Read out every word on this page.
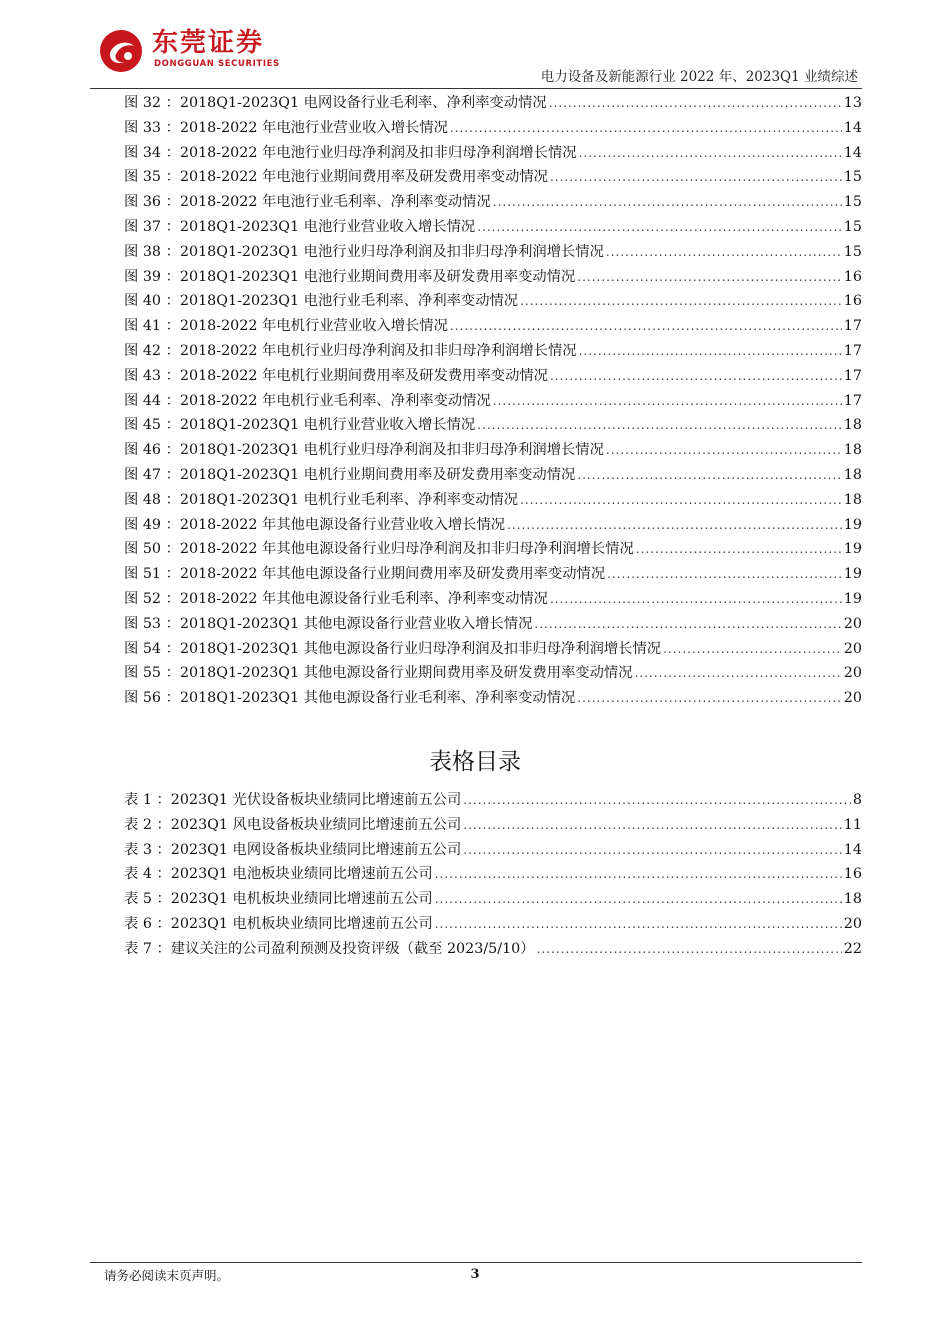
东莞证券
DONGGUAN SECURITIES
电力设备及新能源行业 2022 年、2023Q1 业绩综述
图 32 ：2018Q1-2023Q1 电网设备行业毛利率、净利率变动情况 .....	13
图 33 ：2018-2022 年电池行业营业收入增长情况 .....	14
图 34 ：2018-2022 年电池行业归母净利润及扣非归母净利润增长情况 .....	14
图 35 ：2018-2022 年电池行业期间费用率及研发费用率变动情况 .....	15
图 36 ：2018-2022 年电池行业毛利率、净利率变动情况 .....	15
图 37 ：2018Q1-2023Q1 电池行业营业收入增长情况 .....	15
图 38 ：2018Q1-2023Q1 电池行业归母净利润及扣非归母净利润增长情况 .....	15
图 39 ：2018Q1-2023Q1 电池行业期间费用率及研发费用率变动情况 .....	16
图 40 ：2018Q1-2023Q1 电池行业毛利率、净利率变动情况 .....	16
图 41 ：2018-2022 年电机行业营业收入增长情况 .....	17
图 42 ：2018-2022 年电机行业归母净利润及扣非归母净利润增长情况 .....	17
图 43 ：2018-2022 年电机行业期间费用率及研发费用率变动情况 .....	17
图 44 ：2018-2022 年电机行业毛利率、净利率变动情况 .....	17
图 45 ：2018Q1-2023Q1 电机行业营业收入增长情况 .....	18
图 46 ：2018Q1-2023Q1 电机行业归母净利润及扣非归母净利润增长情况 .....	18
图 47 ：2018Q1-2023Q1 电机行业期间费用率及研发费用率变动情况 .....	18
图 48 ：2018Q1-2023Q1 电机行业毛利率、净利率变动情况 .....	18
图 49 ：2018-2022 年其他电源设备行业营业收入增长情况 .....	19
图 50 ：2018-2022 年其他电源设备行业归母净利润及扣非归母净利润增长情况 .....	19
图 51 ：2018-2022 年其他电源设备行业期间费用率及研发费用率变动情况 .....	19
图 52 ：2018-2022 年其他电源设备行业毛利率、净利率变动情况 .....	19
图 53 ：2018Q1-2023Q1 其他电源设备行业营业收入增长情况 .....	20
图 54 ：2018Q1-2023Q1 其他电源设备行业归母净利润及扣非归母净利润增长情况 .....	20
图 55 ：2018Q1-2023Q1 其他电源设备行业期间费用率及研发费用率变动情况 .....	20
图 56 ：2018Q1-2023Q1 其他电源设备行业毛利率、净利率变动情况 .....	20
表格目录
表 1 ：2023Q1 光伏设备板块业绩同比增速前五公司 .....	8
表 2 ：2023Q1 风电设备板块业绩同比增速前五公司 .....	11
表 3 ：2023Q1 电网设备板块业绩同比增速前五公司 .....	14
表 4 ：2023Q1 电池板块业绩同比增速前五公司 .....	16
表 5 ：2023Q1 电机板块业绩同比增速前五公司 .....	18
表 6 ：2023Q1 电机板块业绩同比增速前五公司 .....	20
表 7 ：建议关注的公司盈利预测及投资评级（截至 2023/5/10） .....	22
请务必阅读末页声明。	3
